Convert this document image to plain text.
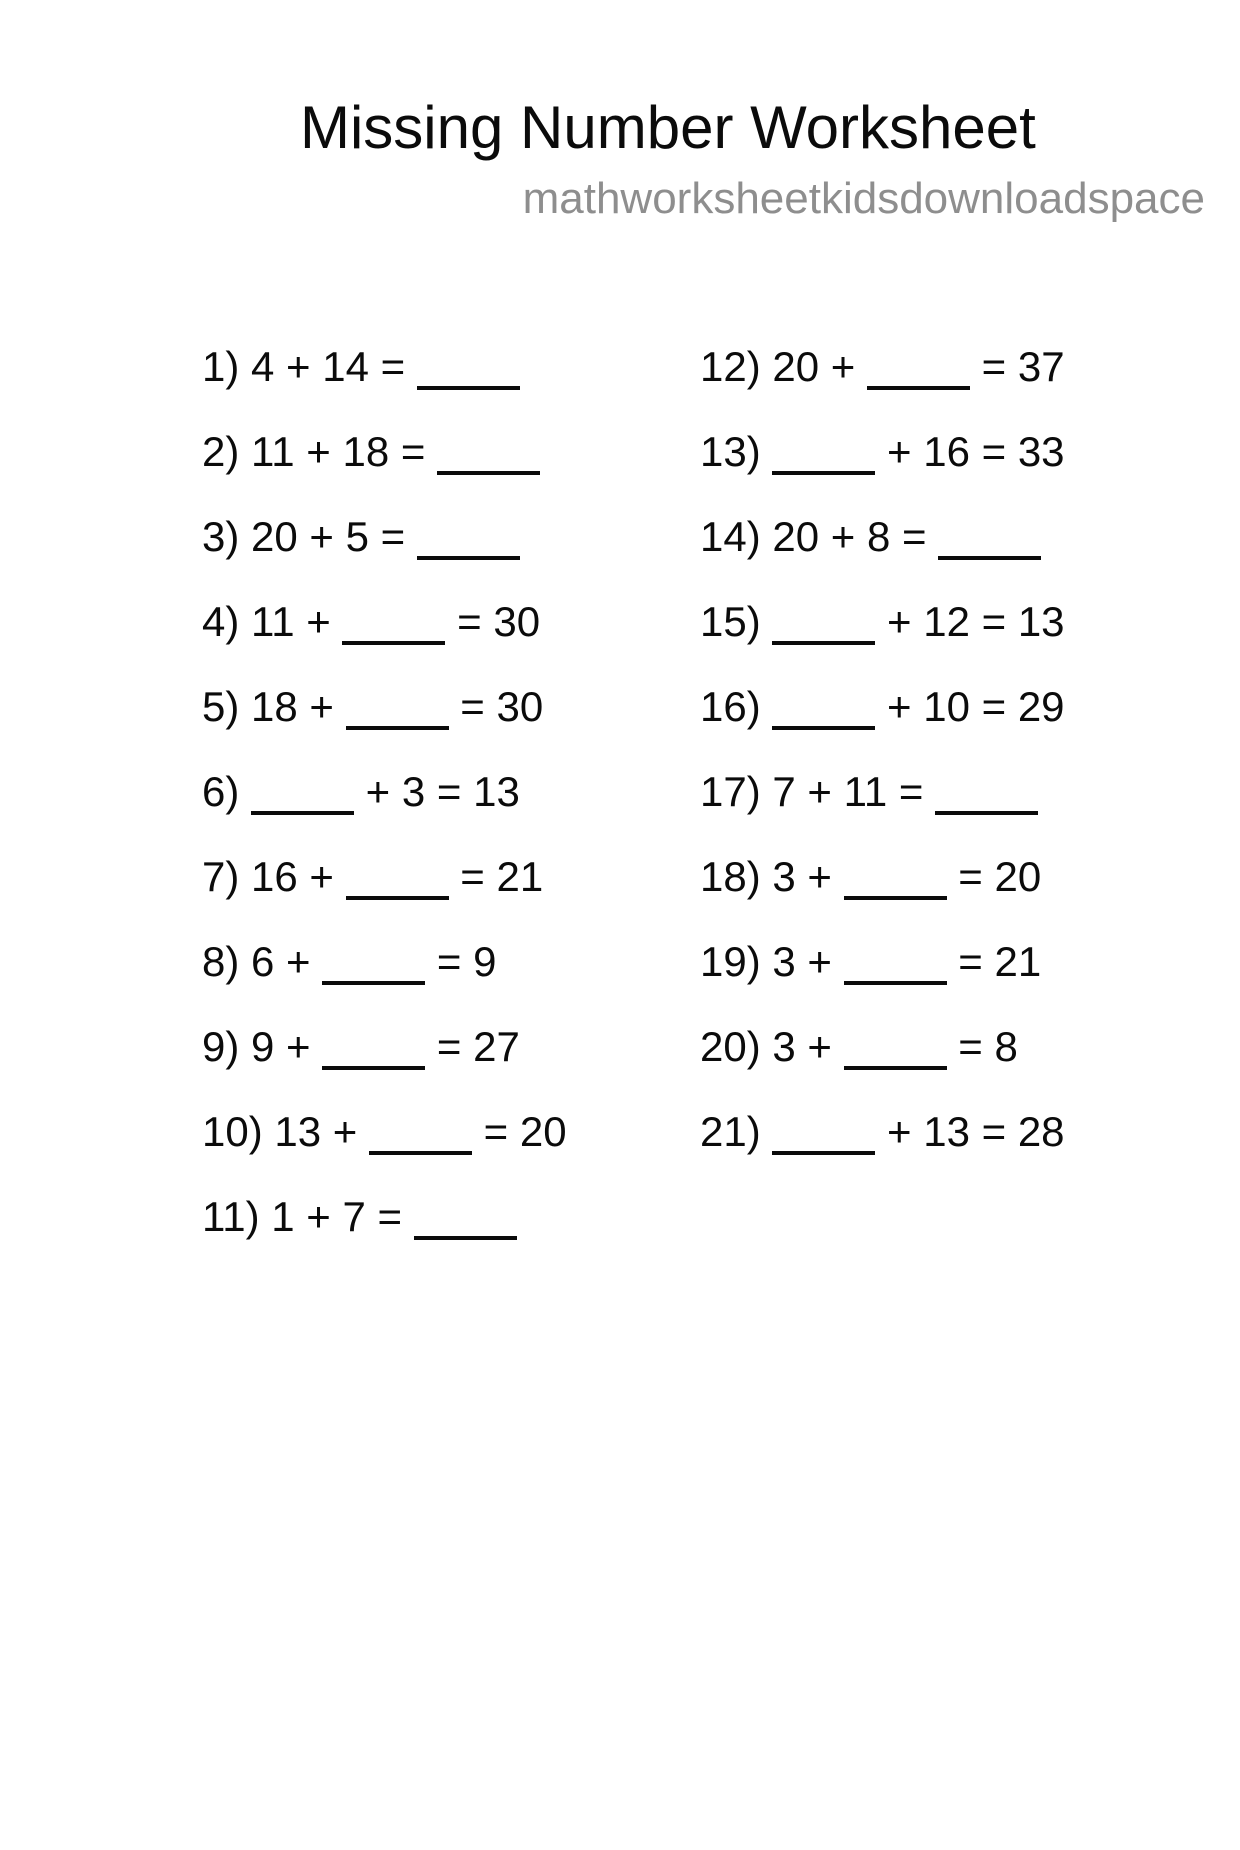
Missing Number Worksheet
mathworksheetkidsdownloadspace
1) 4 + 14 =
2) 11 + 18 =
3) 20 + 5 =
4) 11 +  = 30
5) 18 +  = 30
6)  + 3 = 13
7) 16 +  = 21
8) 6 +  = 9
9) 9 +  = 27
10) 13 +  = 20
11) 1 + 7 =
12) 20 +  = 37
13)  + 16 = 33
14) 20 + 8 =
15)  + 12 = 13
16)  + 10 = 29
17) 7 + 11 =
18) 3 +  = 20
19) 3 +  = 21
20) 3 +  = 8
21)  + 13 = 28
